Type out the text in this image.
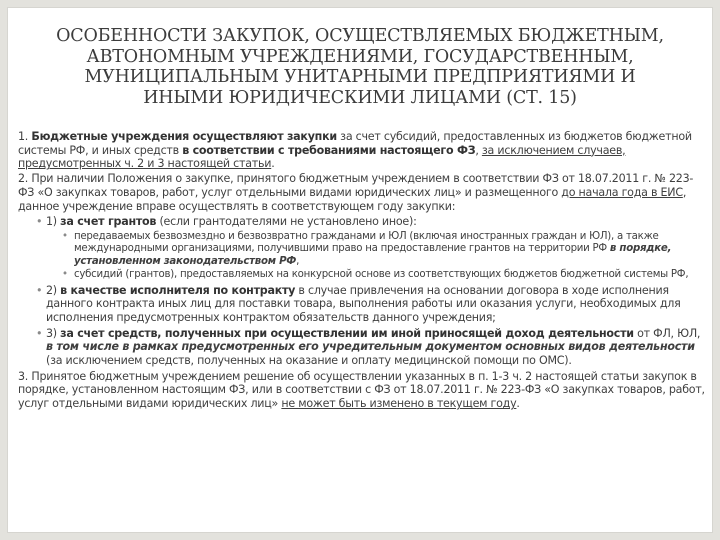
ОСОБЕННОСТИ ЗАКУПОК, ОСУЩЕСТВЛЯЕМЫХ БЮДЖЕТНЫМ,
АВТОНОМНЫМ УЧРЕЖДЕНИЯМИ, ГОСУДАРСТВЕННЫМ,
МУНИЦИПАЛЬНЫМ УНИТАРНЫМИ ПРЕДПРИЯТИЯМИ И
ИНЫМИ ЮРИДИЧЕСКИМИ ЛИЦАМИ (СТ. 15)
1. Бюджетные учреждения осуществляют закупки за счет субсидий, предоставленных из бюджетов бюджетной системы РФ, и иных средств в соответствии с требованиями настоящего ФЗ, за исключением случаев, предусмотренных ч. 2 и 3 настоящей статьи.
2. При наличии Положения о закупке, принятого бюджетным учреждением в соответствии ФЗ от 18.07.2011 г. № 223-ФЗ «О закупках товаров, работ, услуг отдельными видами юридических лиц» и размещенного до начала года в ЕИС, данное учреждение вправе осуществлять в соответствующем году закупки:
• 1) за счет грантов (если грантодателями не установлено иное):
• передаваемых безвозмездно и безвозвратно гражданами и ЮЛ (включая иностранных граждан и ЮЛ), а также международными организациями, получившими право на предоставление грантов на территории РФ в порядке, установленном законодательством РФ,
• субсидий (грантов), предоставляемых на конкурсной основе из соответствующих бюджетов бюджетной системы РФ,
• 2) в качестве исполнителя по контракту в случае привлечения на основании договора в ходе исполнения данного контракта иных лиц для поставки товара, выполнения работы или оказания услуги, необходимых для исполнения предусмотренных контрактом обязательств данного учреждения;
• 3) за счет средств, полученных при осуществлении им иной приносящей доход деятельности от ФЛ, ЮЛ, в том числе в рамках предусмотренных его учредительным документом основных видов деятельности (за исключением средств, полученных на оказание и оплату медицинской помощи по ОМС).
3. Принятое бюджетным учреждением решение об осуществлении указанных в п. 1-3 ч. 2 настоящей статьи закупок в порядке, установленном настоящим ФЗ, или в соответствии с ФЗ от 18.07.2011 г. № 223-ФЗ «О закупках товаров, работ, услуг отдельными видами юридических лиц» не может быть изменено в текущем году.
